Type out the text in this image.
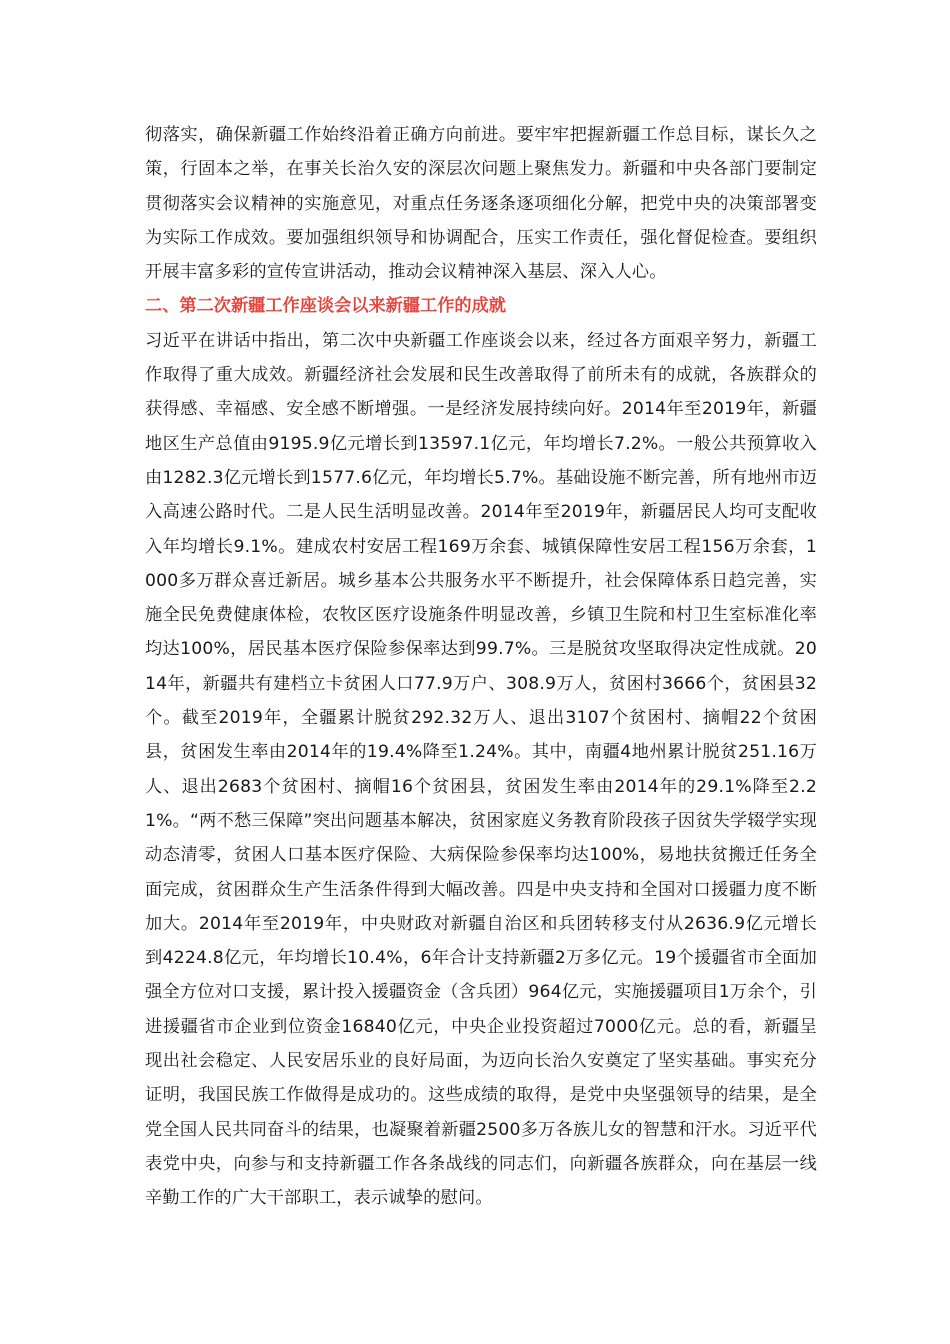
彻落实，确保新疆工作始终沿着正确方向前进。要牢牢把握新疆工作总目标，谋长久之策，行固本之举，在事关长治久安的深层次问题上聚焦发力。新疆和中央各部门要制定贯彻落实会议精神的实施意见，对重点任务逐条逐项细化分解，把党中央的决策部署变为实际工作成效。要加强组织领导和协调配合，压实工作责任，强化督促检查。要组织开展丰富多彩的宣传宣讲活动，推动会议精神深入基层、深入人心。

二、第二次新疆工作座谈会以来新疆工作的成就

习近平在讲话中指出，第二次中央新疆工作座谈会以来，经过各方面艰辛努力，新疆工作取得了重大成效。新疆经济社会发展和民生改善取得了前所未有的成就，各族群众的获得感、幸福感、安全感不断增强。一是经济发展持续向好。2014年至2019年，新疆地区生产总值由9195.9亿元增长到13597.1亿元，年均增长7.2%。一般公共预算收入由1282.3亿元增长到1577.6亿元，年均增长5.7%。基础设施不断完善，所有地州市迈入高速公路时代。二是人民生活明显改善。2014年至2019年，新疆居民人均可支配收入年均增长9.1%。建成农村安居工程169万余套、城镇保障性安居工程156万余套，1000多万群众喜迁新居。城乡基本公共服务水平不断提升，社会保障体系日趋完善，实施全民免费健康体检，农牧区医疗设施条件明显改善，乡镇卫生院和村卫生室标准化率均达100%，居民基本医疗保险参保率达到99.7%。三是脱贫攻坚取得决定性成就。2014年，新疆共有建档立卡贫困人口77.9万户、308.9万人，贫困村3666个，贫困县32个。截至2019年，全疆累计脱贫292.32万人、退出3107个贫困村、摘帽22个贫困县，贫困发生率由2014年的19.4%降至1.24%。其中，南疆4地州累计脱贫251.16万人、退出2683个贫困村、摘帽16个贫困县，贫困发生率由2014年的29.1%降至2.21%。“两不愁三保障”突出问题基本解决，贫困家庭义务教育阶段孩子因贫失学辍学实现动态清零，贫困人口基本医疗保险、大病保险参保率均达100%，易地扶贫搬迁任务全面完成，贫困群众生产生活条件得到大幅改善。四是中央支持和全国对口援疆力度不断加大。2014年至2019年，中央财政对新疆自治区和兵团转移支付从2636.9亿元增长到4224.8亿元，年均增长10.4%，6年合计支持新疆2万多亿元。19个援疆省市全面加强全方位对口支援，累计投入援疆资金（含兵团）964亿元，实施援疆项目1万余个，引进援疆省市企业到位资金16840亿元，中央企业投资超过7000亿元。总的看，新疆呈现出社会稳定、人民安居乐业的良好局面，为迈向长治久安奠定了坚实基础。事实充分证明，我国民族工作做得是成功的。这些成绩的取得，是党中央坚强领导的结果，是全党全国人民共同奋斗的结果，也凝聚着新疆2500多万各族儿女的智慧和汗水。习近平代表党中央，向参与和支持新疆工作各条战线的同志们，向新疆各族群众，向在基层一线辛勤工作的广大干部职工，表示诚挚的慰问。
